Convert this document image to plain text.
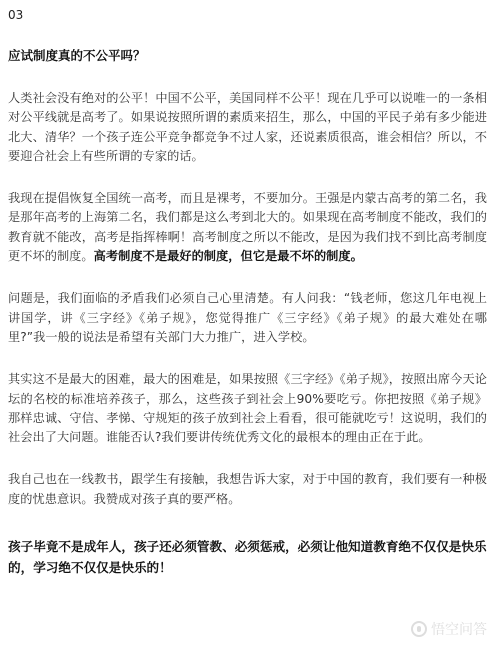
03

应试制度真的不公平吗？

人类社会没有绝对的公平！中国不公平，美国同样不公平！现在几乎可以说唯一的一条相对公平线就是高考了。如果说按照所谓的素质来招生，那么，中国的平民子弟有多少能进北大、清华？一个孩子连公平竞争都竞争不过人家，还说素质很高，谁会相信？所以，不要迎合社会上有些所谓的专家的话。

我现在提倡恢复全国统一高考，而且是裸考，不要加分。王强是内蒙古高考的第二名，我是那年高考的上海第二名，我们都是这么考到北大的。如果现在高考制度不能改，我们的教育就不能改，高考是指挥棒啊！高考制度之所以不能改，是因为我们找不到比高考制度更不坏的制度。高考制度不是最好的制度，但它是最不坏的制度。

问题是，我们面临的矛盾我们必须自己心里清楚。有人问我：“钱老师，您这几年电视上讲国学，讲《三字经》《弟子规》，您觉得推广《三字经》《弟子规》的最大难处在哪里?”我一般的说法是希望有关部门大力推广，进入学校。

其实这不是最大的困难，最大的困难是，如果按照《三字经》《弟子规》，按照出席今天论坛的名校的标准培养孩子，那么，这些孩子到社会上90%要吃亏。你把按照《弟子规》那样忠诚、守信、孝悌、守规矩的孩子放到社会上看看，很可能就吃亏！这说明，我们的社会出了大问题。谁能否认?我们要讲传统优秀文化的最根本的理由正在于此。

我自己也在一线教书，跟学生有接触，我想告诉大家，对于中国的教育，我们要有一种极度的忧患意识。我赞成对孩子真的要严格。

孩子毕竟不是成年人，孩子还必须管教、必须惩戒，必须让他知道教育绝不仅仅是快乐的，学习绝不仅仅是快乐的！

悟空问答
